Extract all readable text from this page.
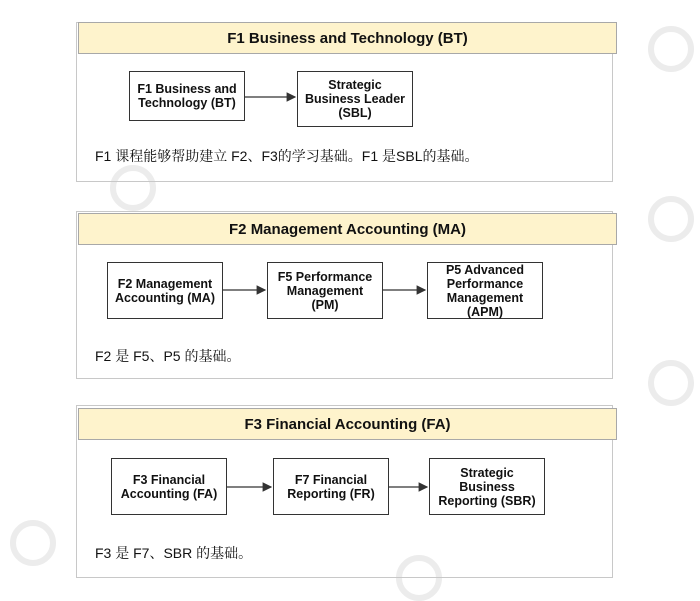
F1 Business and Technology (BT)
F1 Business and
Technology (BT)
Strategic
Business Leader
(SBL)
F1 课程能够帮助建立 F2、F3的学习基础。F1 是SBL的基础。
F2 Management Accounting (MA)
F2 Management
Accounting (MA)
F5 Performance
Management
(PM)
P5 Advanced
Performance
Management
(APM)
F2 是 F5、P5 的基础。
F3 Financial Accounting (FA)
F3 Financial
Accounting (FA)
F7 Financial
Reporting (FR)
Strategic
Business
Reporting (SBR)
F3 是 F7、SBR 的基础。
